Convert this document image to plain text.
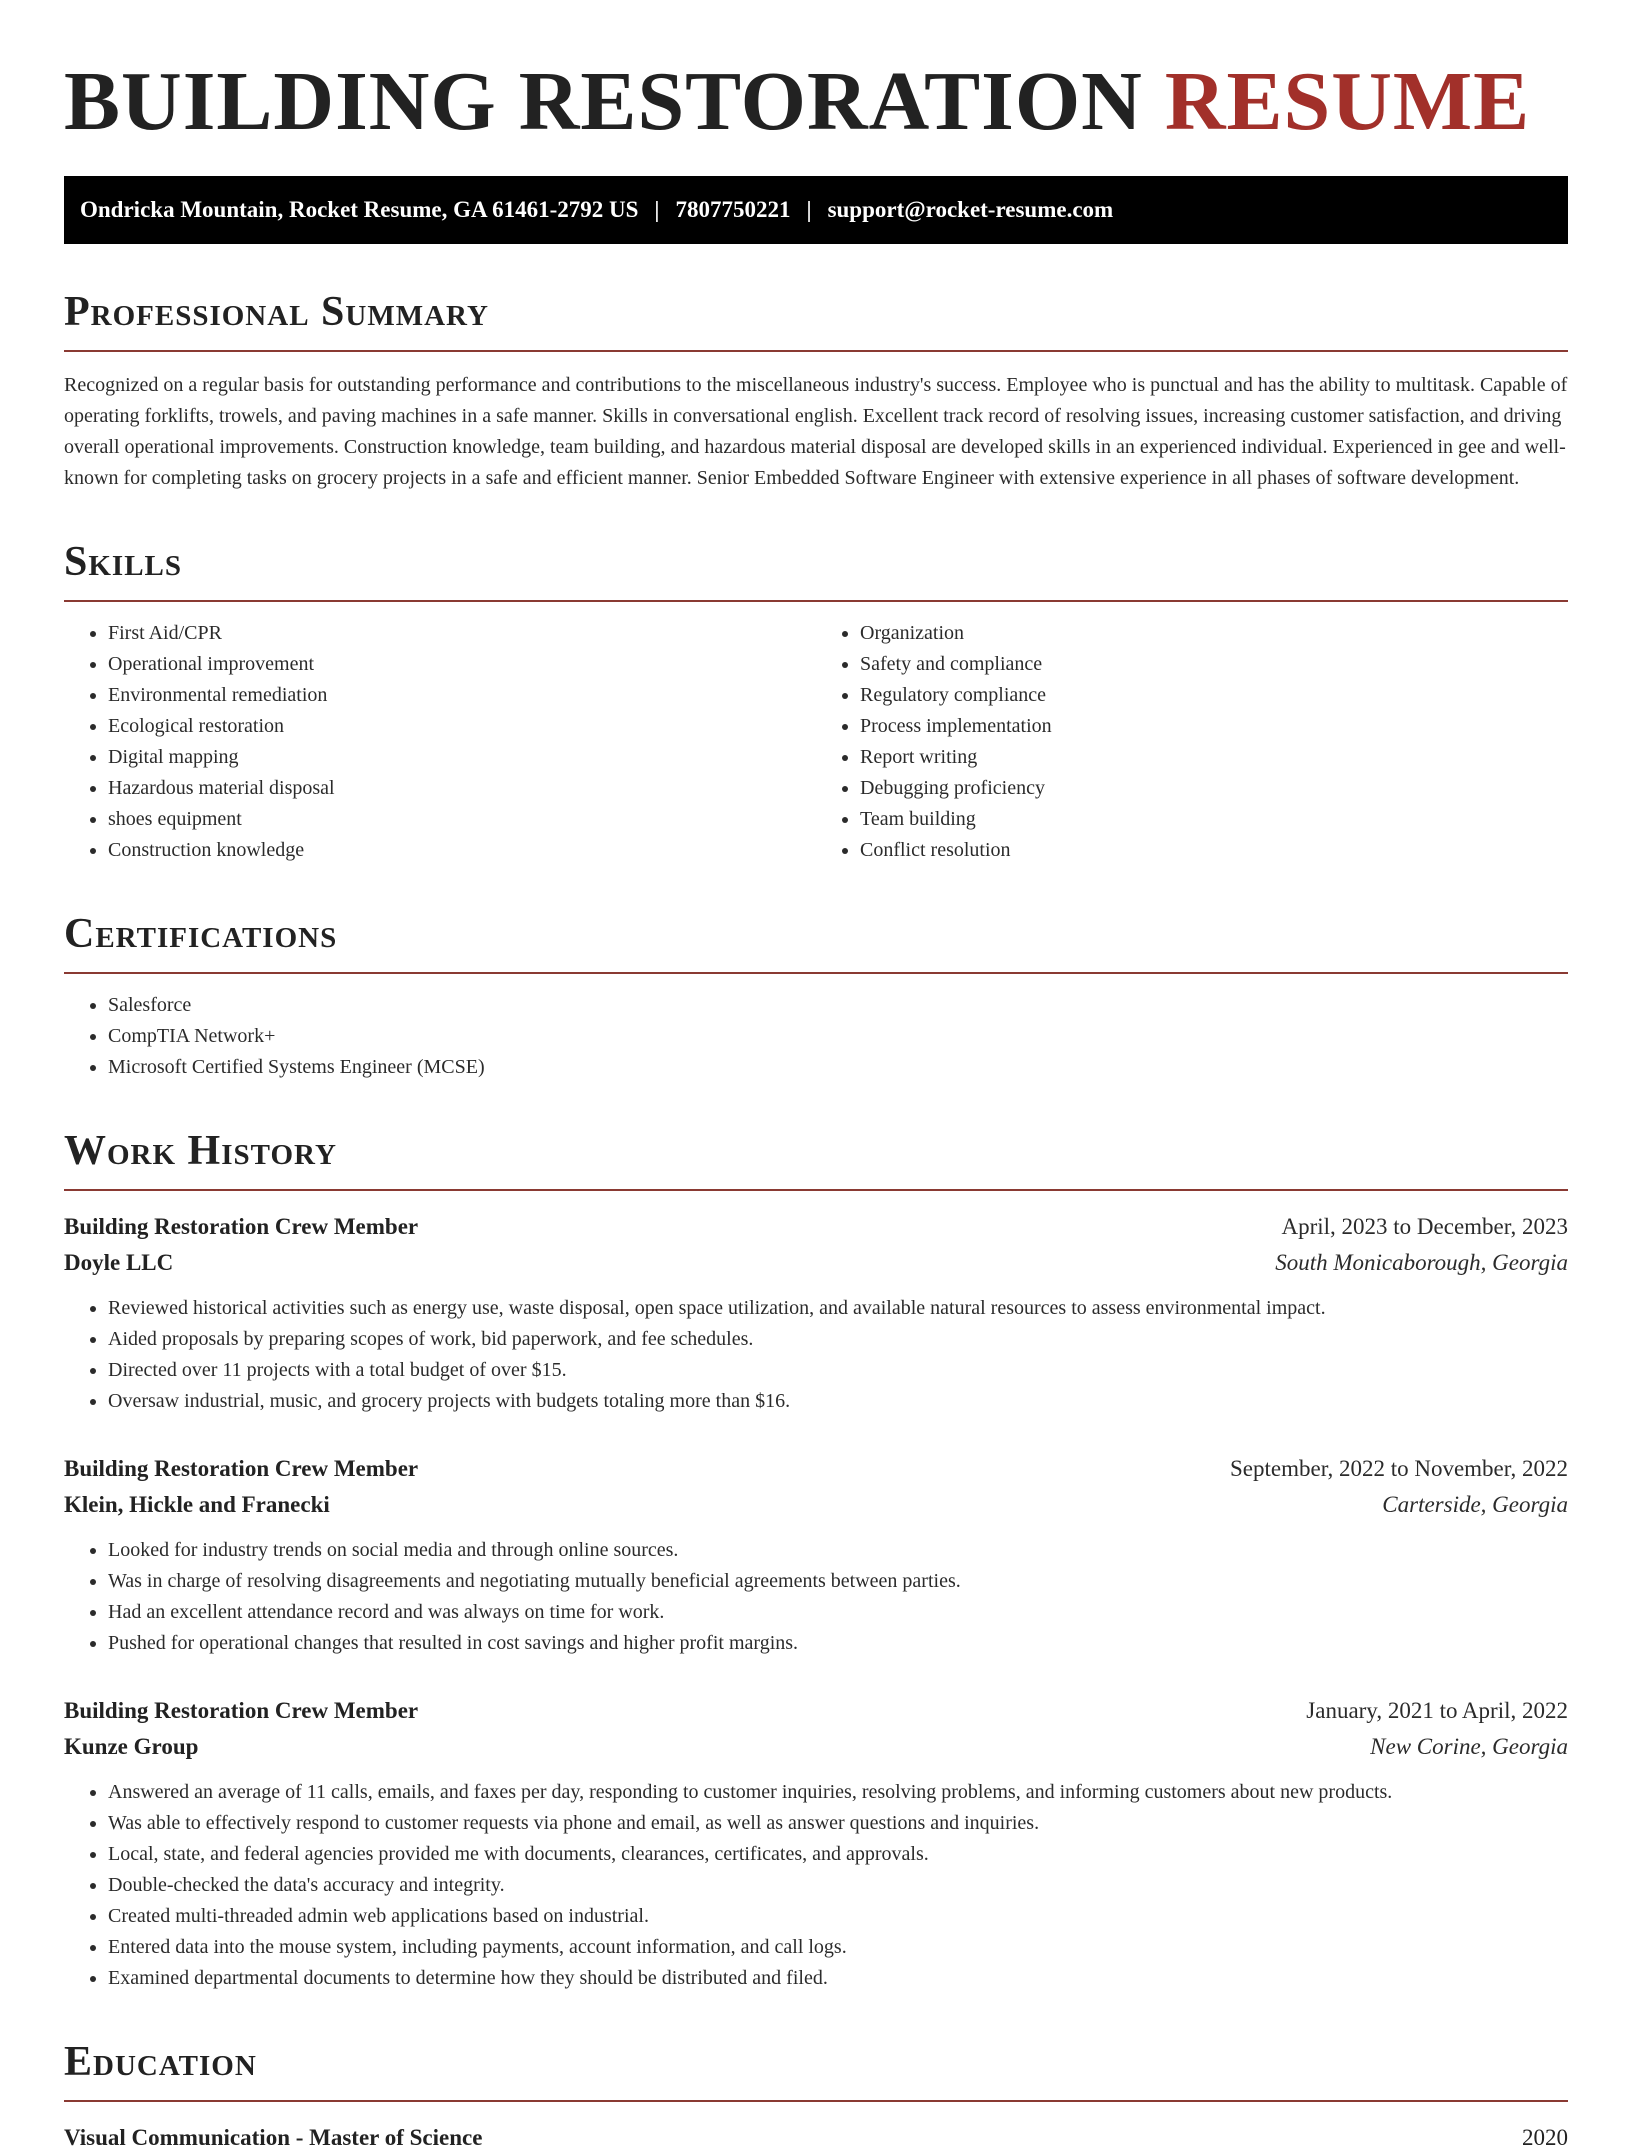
BUILDING RESTORATION RESUME
Ondricka Mountain, Rocket Resume, GA 61461-2792 US | 7807750221 | support@rocket-resume.com
Professional Summary

Recognized on a regular basis for outstanding performance and contributions to the miscellaneous industry's success. Employee who is punctual and has the ability to multitask. Capable of operating forklifts, trowels, and paving machines in a safe manner. Skills in conversational english. Excellent track record of resolving issues, increasing customer satisfaction, and driving overall operational improvements. Construction knowledge, team building, and hazardous material disposal are developed skills in an experienced individual. Experienced in gee and well-known for completing tasks on grocery projects in a safe and efficient manner. Senior Embedded Software Engineer with extensive experience in all phases of software development.

Skills
• First Aid/CPR
• Operational improvement
• Environmental remediation
• Ecological restoration
• Digital mapping
• Hazardous material disposal
• shoes equipment
• Construction knowledge
• Organization
• Safety and compliance
• Regulatory compliance
• Process implementation
• Report writing
• Debugging proficiency
• Team building
• Conflict resolution
Certifications
• Salesforce
• CompTIA Network+
• Microsoft Certified Systems Engineer (MCSE)
Work History
Building Restoration Crew Member	April, 2023 to December, 2023
Doyle LLC	South Monicaborough, Georgia
• Reviewed historical activities such as energy use, waste disposal, open space utilization, and available natural resources to assess environmental impact.
• Aided proposals by preparing scopes of work, bid paperwork, and fee schedules.
• Directed over 11 projects with a total budget of over $15.
• Oversaw industrial, music, and grocery projects with budgets totaling more than $16.
Building Restoration Crew Member	September, 2022 to November, 2022
Klein, Hickle and Franecki	Carterside, Georgia
• Looked for industry trends on social media and through online sources.
• Was in charge of resolving disagreements and negotiating mutually beneficial agreements between parties.
• Had an excellent attendance record and was always on time for work.
• Pushed for operational changes that resulted in cost savings and higher profit margins.
Building Restoration Crew Member	January, 2021 to April, 2022
Kunze Group	New Corine, Georgia
• Answered an average of 11 calls, emails, and faxes per day, responding to customer inquiries, resolving problems, and informing customers about new products.
• Was able to effectively respond to customer requests via phone and email, as well as answer questions and inquiries.
• Local, state, and federal agencies provided me with documents, clearances, certificates, and approvals.
• Double-checked the data's accuracy and integrity.
• Created multi-threaded admin web applications based on industrial.
• Entered data into the mouse system, including payments, account information, and call logs.
• Examined departmental documents to determine how they should be distributed and filed.
Education
Visual Communication - Master of Science	2020
